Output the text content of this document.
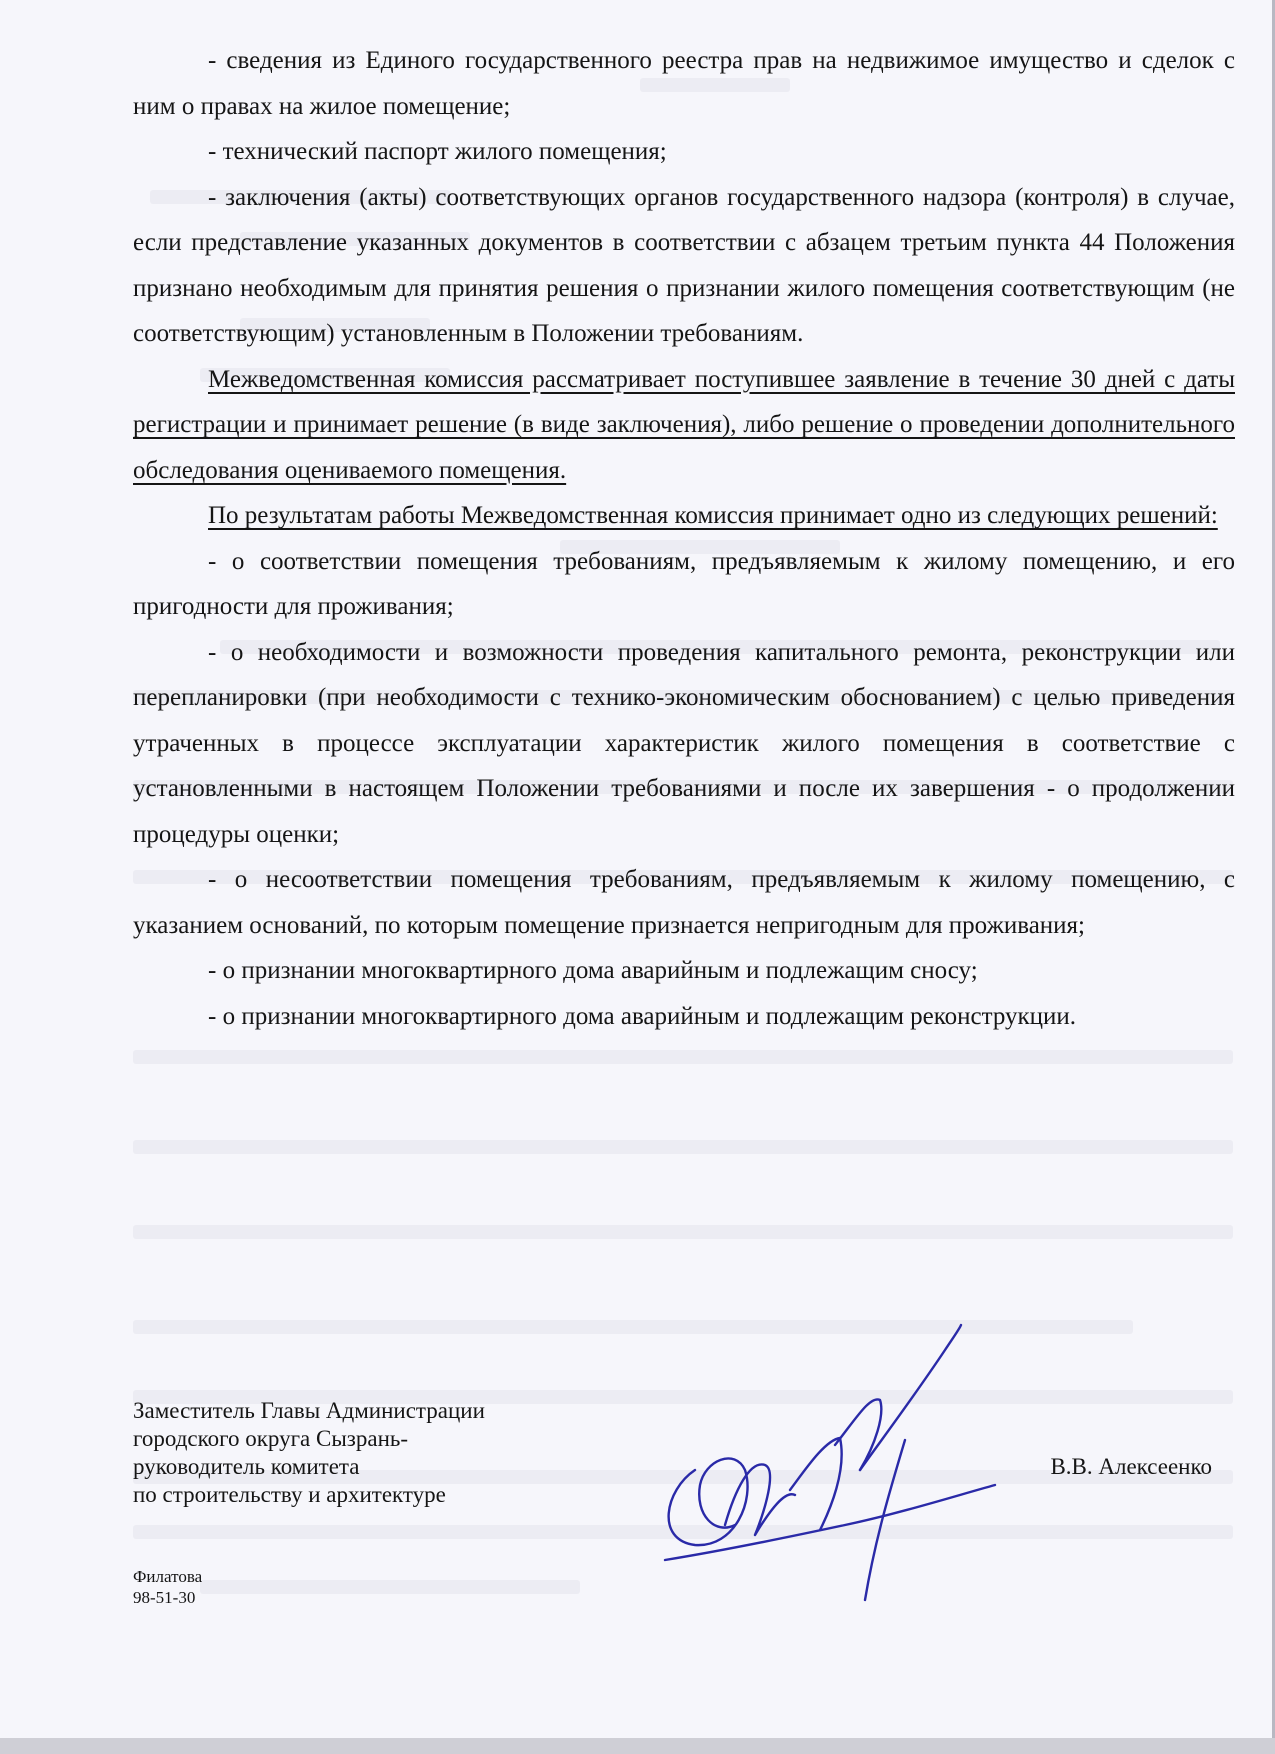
- сведения из Единого государственного реестра прав на недвижимое имущество и сделок с ним о правах на жилое помещение;

- технический паспорт жилого помещения;

- заключения (акты) соответствующих органов государственного надзора (контроля) в случае, если представление указанных документов в соответствии с абзацем третьим пункта 44 Положения признано необходимым для принятия решения о признании жилого помещения соответствующим (не соответствующим) установленным в Положении требованиям.

Межведомственная комиссия рассматривает поступившее заявление в течение 30 дней с даты регистрации и принимает решение (в виде заключения), либо решение о проведении дополнительного обследования оцениваемого помещения.

По результатам работы Межведомственная комиссия принимает одно из следующих решений:

- о соответствии помещения требованиям, предъявляемым к жилому помещению, и его пригодности для проживания;

- о необходимости и возможности проведения капитального ремонта, реконструкции или перепланировки (при необходимости с технико-экономическим обоснованием) с целью приведения утраченных в процессе эксплуатации характеристик жилого помещения в соответствие с установленными в настоящем Положении требованиями и после их завершения - о продолжении процедуры оценки;

- о несоответствии помещения требованиям, предъявляемым к жилому помещению, с указанием оснований, по которым помещение признается непригодным для проживания;

- о признании многоквартирного дома аварийным и подлежащим сносу;

- о признании многоквартирного дома аварийным и подлежащим реконструкции.

Заместитель Главы Администрации
городского округа Сызрань-
руководитель комитета
по строительству и архитектуре
В.В. Алексеенко
Филатова
98-51-30
